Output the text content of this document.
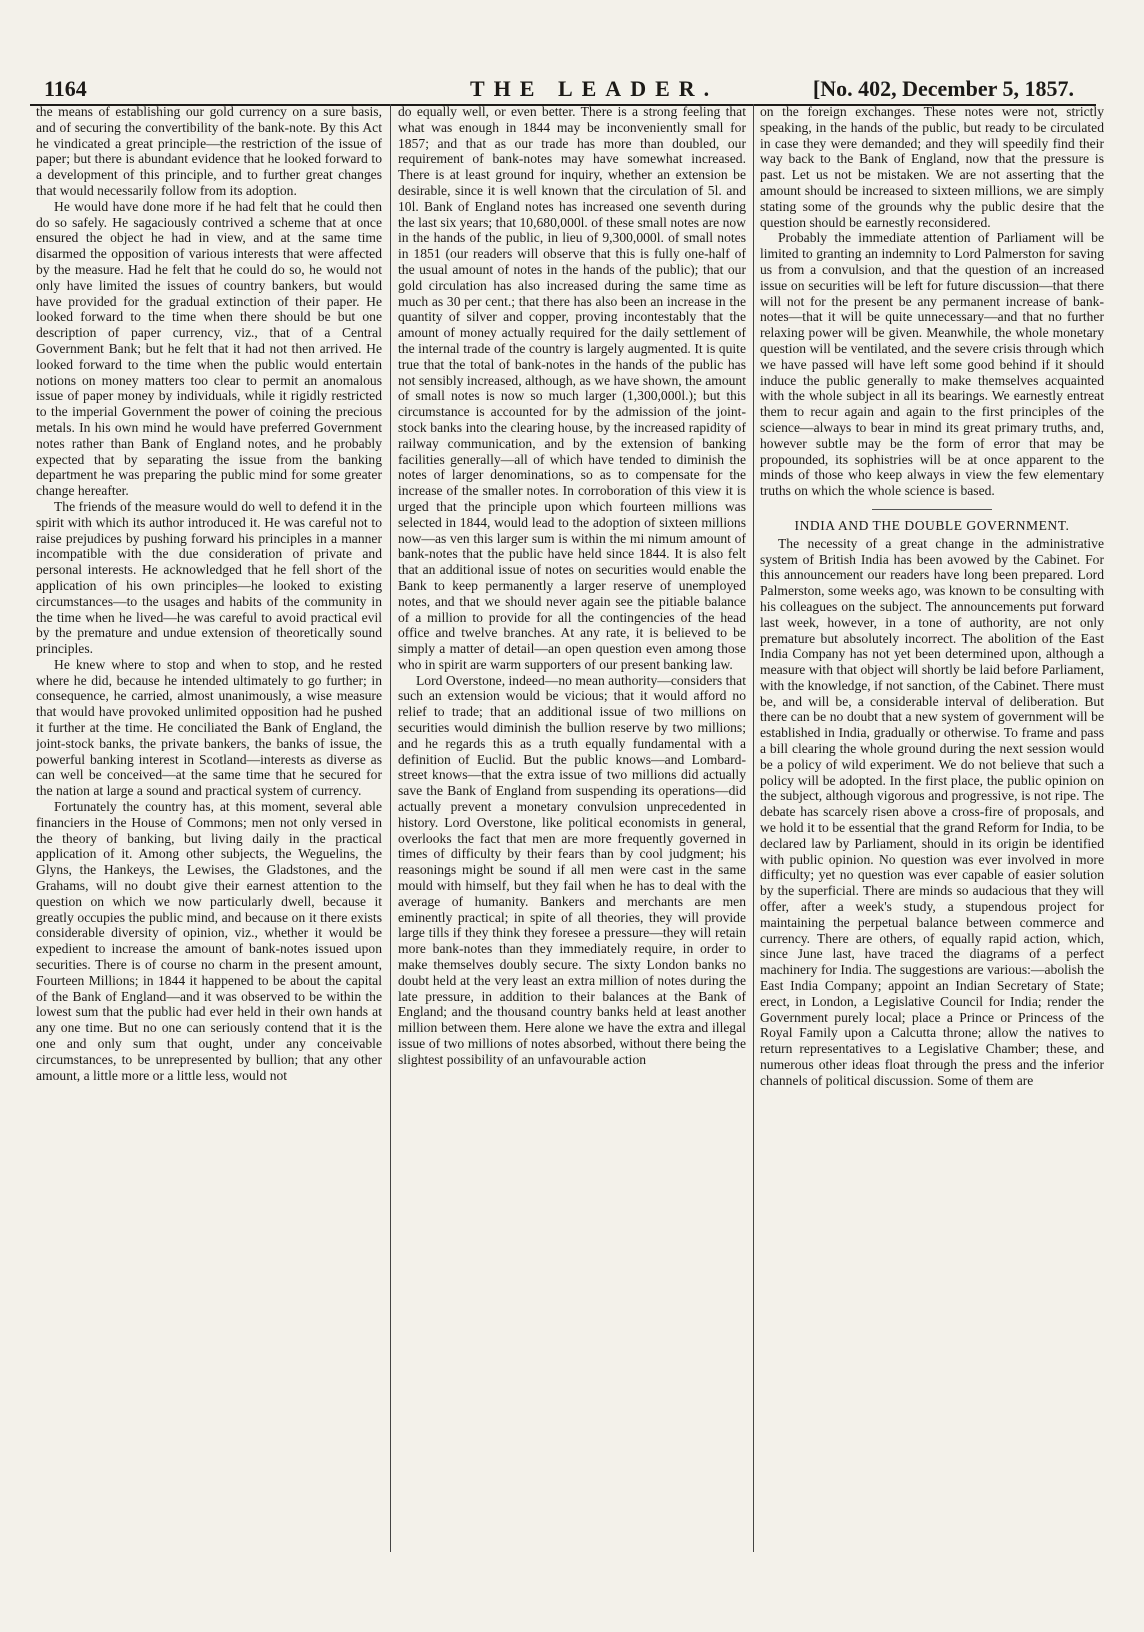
1164	THE LEADER.	[No. 402, December 5, 1857.

the means of establishing our gold currency on a sure basis, and of securing the convertibility of the bank-note. By this Act he vindicated a great principle—the restriction of the issue of paper; but there is abundant evidence that he looked forward to a development of this principle, and to further great changes that would necessarily follow from its adoption.

He would have done more if he had felt that he could then do so safely. He sagaciously contrived a scheme that at once ensured the object he had in view, and at the same time disarmed the opposition of various interests that were affected by the measure. Had he felt that he could do so, he would not only have limited the issues of country bankers, but would have provided for the gradual extinction of their paper. He looked forward to the time when there should be but one description of paper currency, viz., that of a Central Government Bank; but he felt that it had not then arrived. He looked forward to the time when the public would entertain notions on money matters too clear to permit an anomalous issue of paper money by individuals, while it rigidly restricted to the imperial Government the power of coining the precious metals. In his own mind he would have preferred Government notes rather than Bank of England notes, and he probably expected that by separating the issue from the banking department he was preparing the public mind for some greater change hereafter.

The friends of the measure would do well to defend it in the spirit with which its author introduced it. He was careful not to raise prejudices by pushing forward his principles in a manner incompatible with the due consideration of private and personal interests. He acknowledged that he fell short of the application of his own principles—he looked to existing circumstances—to the usages and habits of the community in the time when he lived—he was careful to avoid practical evil by the premature and undue extension of theoretically sound principles.

He knew where to stop and when to stop, and he rested where he did, because he intended ultimately to go further; in consequence, he carried, almost unanimously, a wise measure that would have provoked unlimited opposition had he pushed it further at the time. He conciliated the Bank of England, the joint-stock banks, the private bankers, the banks of issue, the powerful banking interest in Scotland—interests as diverse as can well be conceived—at the same time that he secured for the nation at large a sound and practical system of currency.

Fortunately the country has, at this moment, several able financiers in the House of Commons; men not only versed in the theory of banking, but living daily in the practical application of it. Among other subjects, the Weguelins, the Glyns, the Hankeys, the Lewises, the Gladstones, and the Grahams, will no doubt give their earnest attention to the question on which we now particularly dwell, because it greatly occupies the public mind, and because on it there exists considerable diversity of opinion, viz., whether it would be expedient to increase the amount of bank-notes issued upon securities. There is of course no charm in the present amount, Fourteen Millions; in 1844 it happened to be about the capital of the Bank of England—and it was observed to be within the lowest sum that the public had ever held in their own hands at any one time. But no one can seriously contend that it is the one and only sum that ought, under any conceivable circumstances, to be unrepresented by bullion; that any other amount, a little more or a little less, would not

do equally well, or even better. There is a strong feeling that what was enough in 1844 may be inconveniently small for 1857; and that as our trade has more than doubled, our requirement of bank-notes may have somewhat increased. There is at least ground for inquiry, whether an extension be desirable, since it is well known that the circulation of 5l. and 10l. Bank of England notes has increased one seventh during the last six years; that 10,680,000l. of these small notes are now in the hands of the public, in lieu of 9,300,000l. of small notes in 1851 (our readers will observe that this is fully one-half of the usual amount of notes in the hands of the public); that our gold circulation has also increased during the same time as much as 30 per cent.; that there has also been an increase in the quantity of silver and copper, proving incontestably that the amount of money actually required for the daily settlement of the internal trade of the country is largely augmented. It is quite true that the total of bank-notes in the hands of the public has not sensibly increased, although, as we have shown, the amount of small notes is now so much larger (1,300,000l.); but this circumstance is accounted for by the admission of the joint-stock banks into the clearing house, by the increased rapidity of railway communication, and by the extension of banking facilities generally—all of which have tended to diminish the notes of larger denominations, so as to compensate for the increase of the smaller notes. In corroboration of this view it is urged that the principle upon which fourteen millions was selected in 1844, would lead to the adoption of sixteen millions now—as ven this larger sum is within the mi nimum amount of bank-notes that the public have held since 1844. It is also felt that an additional issue of notes on securities would enable the Bank to keep permanently a larger reserve of unemployed notes, and that we should never again see the pitiable balance of a million to provide for all the contingencies of the head office and twelve branches. At any rate, it is believed to be simply a matter of detail—an open question even among those who in spirit are warm supporters of our present banking law.

Lord Overstone, indeed—no mean authority—considers that such an extension would be vicious; that it would afford no relief to trade; that an additional issue of two millions on securities would diminish the bullion reserve by two millions; and he regards this as a truth equally fundamental with a definition of Euclid. But the public knows—and Lombard-street knows—that the extra issue of two millions did actually save the Bank of England from suspending its operations—did actually prevent a monetary convulsion unprecedented in history. Lord Overstone, like political economists in general, overlooks the fact that men are more frequently governed in times of difficulty by their fears than by cool judgment; his reasonings might be sound if all men were cast in the same mould with himself, but they fail when he has to deal with the average of humanity. Bankers and merchants are men eminently practical; in spite of all theories, they will provide large tills if they think they foresee a pressure—they will retain more bank-notes than they immediately require, in order to make themselves doubly secure. The sixty London banks no doubt held at the very least an extra million of notes during the late pressure, in addition to their balances at the Bank of England; and the thousand country banks held at least another million between them. Here alone we have the extra and illegal issue of two millions of notes absorbed, without there being the slightest possibility of an unfavourable action

on the foreign exchanges. These notes were not, strictly speaking, in the hands of the public, but ready to be circulated in case they were demanded; and they will speedily find their way back to the Bank of England, now that the pressure is past. Let us not be mistaken. We are not asserting that the amount should be increased to sixteen millions, we are simply stating some of the grounds why the public desire that the question should be earnestly reconsidered.

Probably the immediate attention of Parliament will be limited to granting an indemnity to Lord Palmerston for saving us from a convulsion, and that the question of an increased issue on securities will be left for future discussion—that there will not for the present be any permanent increase of bank-notes—that it will be quite unnecessary—and that no further relaxing power will be given. Meanwhile, the whole monetary question will be ventilated, and the severe crisis through which we have passed will have left some good behind if it should induce the public generally to make themselves acquainted with the whole subject in all its bearings. We earnestly entreat them to recur again and again to the first principles of the science—always to bear in mind its great primary truths, and, however subtle may be the form of error that may be propounded, its sophistries will be at once apparent to the minds of those who keep always in view the few elementary truths on which the whole science is based.

INDIA AND THE DOUBLE GOVERNMENT.

The necessity of a great change in the administrative system of British India has been avowed by the Cabinet. For this announcement our readers have long been prepared. Lord Palmerston, some weeks ago, was known to be consulting with his colleagues on the subject. The announcements put forward last week, however, in a tone of authority, are not only premature but absolutely incorrect. The abolition of the East India Company has not yet been determined upon, although a measure with that object will shortly be laid before Parliament, with the knowledge, if not sanction, of the Cabinet. There must be, and will be, a considerable interval of deliberation. But there can be no doubt that a new system of government will be established in India, gradually or otherwise. To frame and pass a bill clearing the whole ground during the next session would be a policy of wild experiment. We do not believe that such a policy will be adopted. In the first place, the public opinion on the subject, although vigorous and progressive, is not ripe. The debate has scarcely risen above a cross-fire of proposals, and we hold it to be essential that the grand Reform for India, to be declared law by Parliament, should in its origin be identified with public opinion. No question was ever involved in more difficulty; yet no question was ever capable of easier solution by the superficial. There are minds so audacious that they will offer, after a week's study, a stupendous project for maintaining the perpetual balance between commerce and currency. There are others, of equally rapid action, which, since June last, have traced the diagrams of a perfect machinery for India. The suggestions are various:—abolish the East India Company; appoint an Indian Secretary of State; erect, in London, a Legislative Council for India; render the Government purely local; place a Prince or Princess of the Royal Family upon a Calcutta throne; allow the natives to return representatives to a Legislative Chamber; these, and numerous other ideas float through the press and the inferior channels of political discussion. Some of them are
